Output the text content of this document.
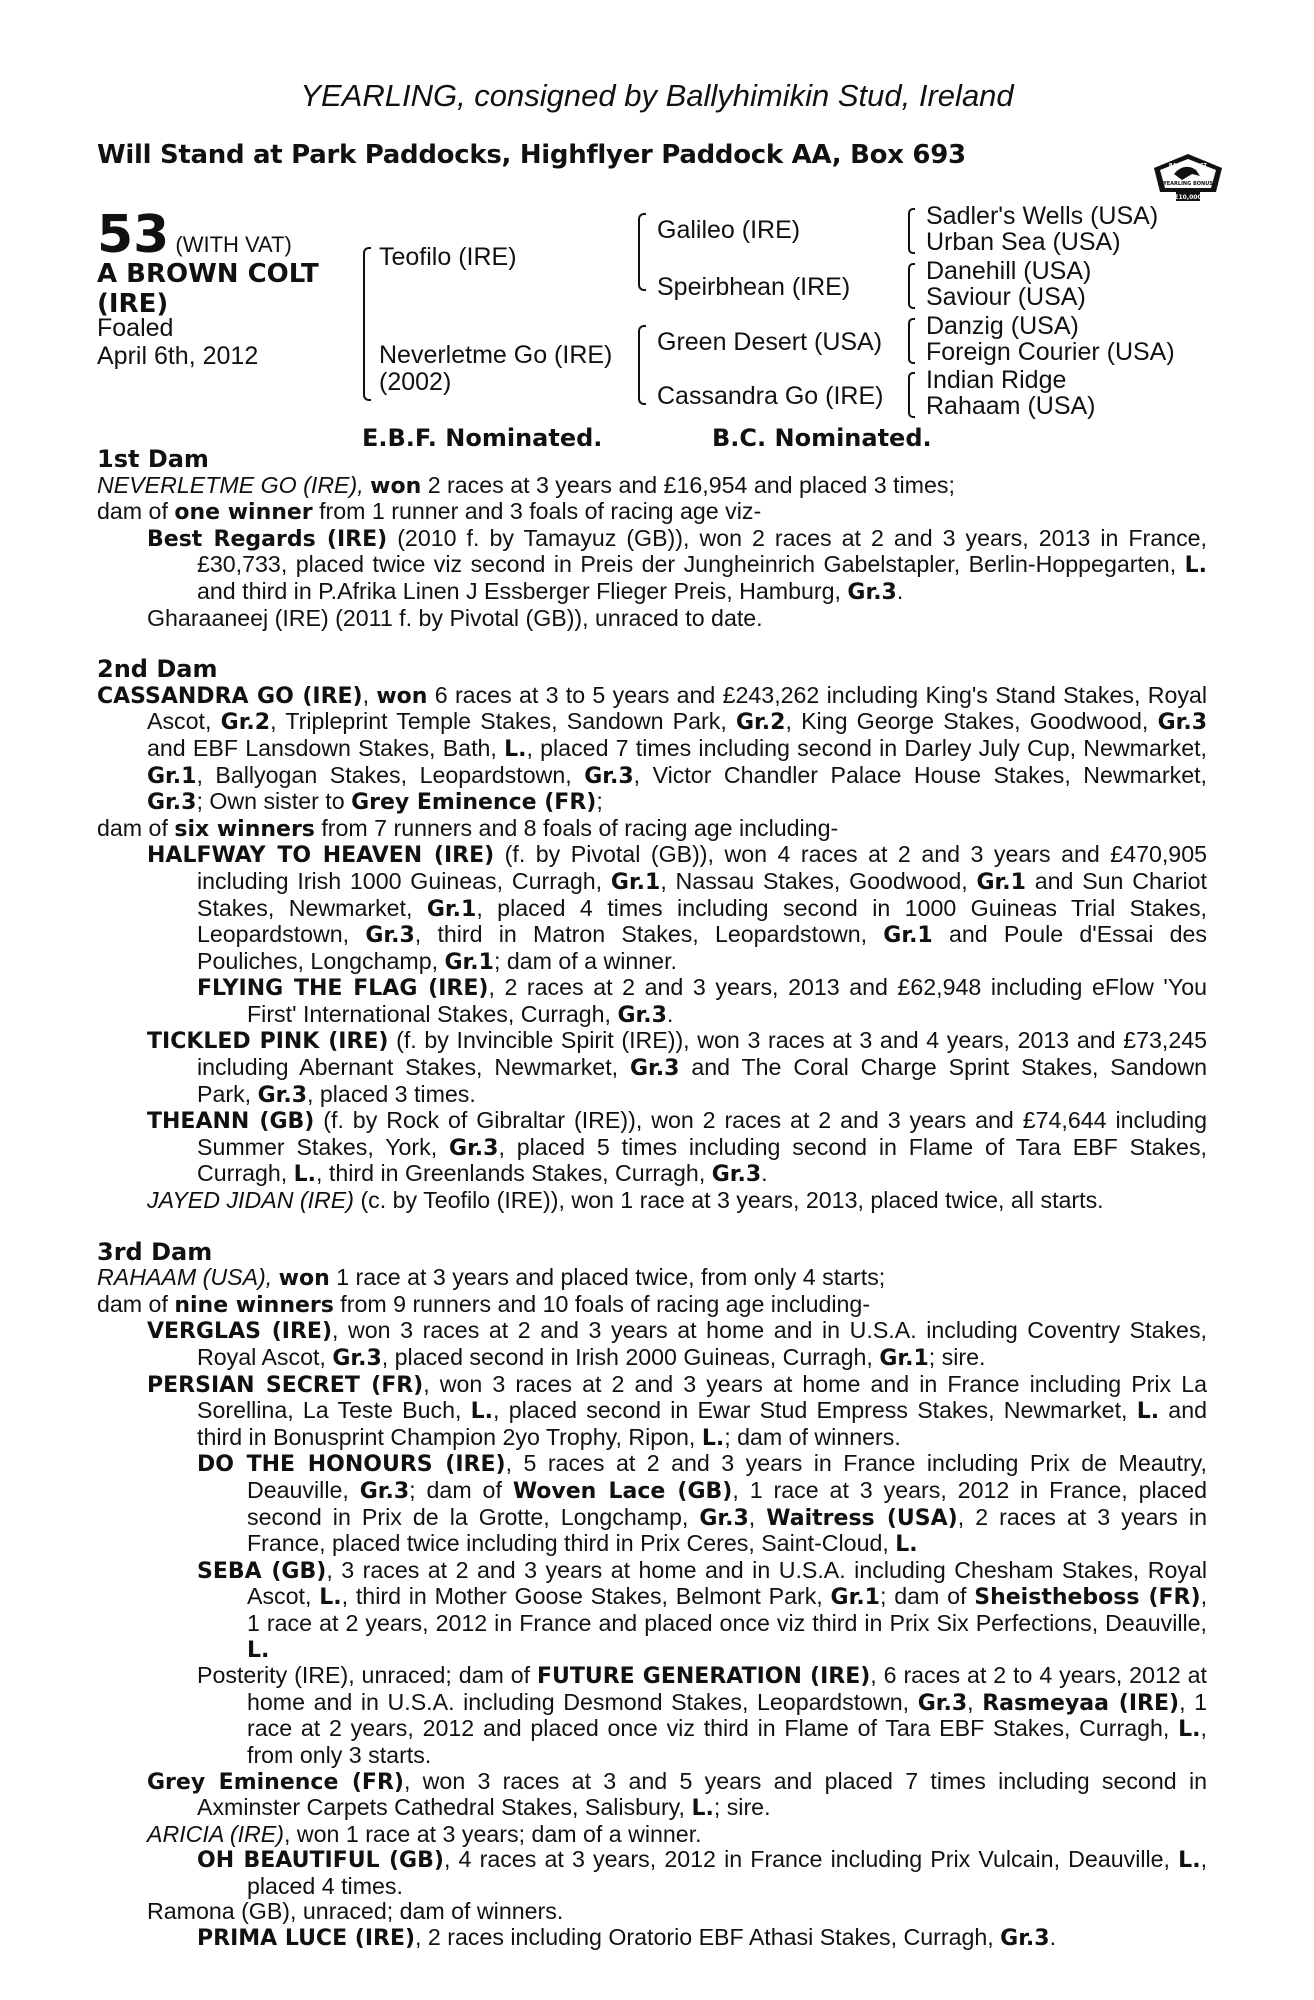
YEARLING, consigned by Ballyhimikin Stud, Ireland
Will Stand at Park Paddocks, Highflyer Paddock AA, Box 693	RACING POST
YEARLING BONUS
£10,000
53 (WITH VAT)
A BROWN COLT
(IRE)
Foaled
April 6th, 2012
Teofilo (IRE)
Neverletme Go (IRE)
(2002)
Galileo (IRE)
Speirbhean (IRE)
Green Desert (USA)
Cassandra Go (IRE)
Sadler's Wells (USA)
Urban Sea (USA)
Danehill (USA)
Saviour (USA)
Danzig (USA)
Foreign Courier (USA)
Indian Ridge
Rahaam (USA)
E.B.F. Nominated.	B.C. Nominated.

1st Dam

NEVERLETME GO (IRE), won 2 races at 3 years and £16,954 and placed 3 times;

dam of one winner from 1 runner and 3 foals of racing age viz-

Best Regards (IRE) (2010 f. by Tamayuz (GB)), won 2 races at 2 and 3 years, 2013 in France, £30,733, placed twice viz second in Preis der Jungheinrich Gabelstapler, Berlin-Hoppegarten, L. and third in P.Afrika Linen J Essberger Flieger Preis, Hamburg, Gr.3.

Gharaaneej (IRE) (2011 f. by Pivotal (GB)), unraced to date.

2nd Dam

CASSANDRA GO (IRE), won 6 races at 3 to 5 years and £243,262 including King's Stand Stakes, Royal Ascot, Gr.2, Tripleprint Temple Stakes, Sandown Park, Gr.2, King George Stakes, Goodwood, Gr.3 and EBF Lansdown Stakes, Bath, L., placed 7 times including second in Darley July Cup, Newmarket, Gr.1, Ballyogan Stakes, Leopardstown, Gr.3, Victor Chandler Palace House Stakes, Newmarket, Gr.3; Own sister to Grey Eminence (FR);

dam of six winners from 7 runners and 8 foals of racing age including-

HALFWAY TO HEAVEN (IRE) (f. by Pivotal (GB)), won 4 races at 2 and 3 years and £470,905 including Irish 1000 Guineas, Curragh, Gr.1, Nassau Stakes, Goodwood, Gr.1 and Sun Chariot Stakes, Newmarket, Gr.1, placed 4 times including second in 1000 Guineas Trial Stakes, Leopardstown, Gr.3, third in Matron Stakes, Leopardstown, Gr.1 and Poule d'Essai des Pouliches, Longchamp, Gr.1; dam of a winner.

FLYING THE FLAG (IRE), 2 races at 2 and 3 years, 2013 and £62,948 including eFlow 'You First' International Stakes, Curragh, Gr.3.

TICKLED PINK (IRE) (f. by Invincible Spirit (IRE)), won 3 races at 3 and 4 years, 2013 and £73,245 including Abernant Stakes, Newmarket, Gr.3 and The Coral Charge Sprint Stakes, Sandown Park, Gr.3, placed 3 times.

THEANN (GB) (f. by Rock of Gibraltar (IRE)), won 2 races at 2 and 3 years and £74,644 including Summer Stakes, York, Gr.3, placed 5 times including second in Flame of Tara EBF Stakes, Curragh, L., third in Greenlands Stakes, Curragh, Gr.3.

JAYED JIDAN (IRE) (c. by Teofilo (IRE)), won 1 race at 3 years, 2013, placed twice, all starts.

3rd Dam

RAHAAM (USA), won 1 race at 3 years and placed twice, from only 4 starts;

dam of nine winners from 9 runners and 10 foals of racing age including-

VERGLAS (IRE), won 3 races at 2 and 3 years at home and in U.S.A. including Coventry Stakes, Royal Ascot, Gr.3, placed second in Irish 2000 Guineas, Curragh, Gr.1; sire.

PERSIAN SECRET (FR), won 3 races at 2 and 3 years at home and in France including Prix La Sorellina, La Teste Buch, L., placed second in Ewar Stud Empress Stakes, Newmarket, L. and third in Bonusprint Champion 2yo Trophy, Ripon, L.; dam of winners.

DO THE HONOURS (IRE), 5 races at 2 and 3 years in France including Prix de Meautry, Deauville, Gr.3; dam of Woven Lace (GB), 1 race at 3 years, 2012 in France, placed second in Prix de la Grotte, Longchamp, Gr.3, Waitress (USA), 2 races at 3 years in France, placed twice including third in Prix Ceres, Saint-Cloud, L.

SEBA (GB), 3 races at 2 and 3 years at home and in U.S.A. including Chesham Stakes, Royal Ascot, L., third in Mother Goose Stakes, Belmont Park, Gr.1; dam of Sheistheboss (FR), 1 race at 2 years, 2012 in France and placed once viz third in Prix Six Perfections, Deauville, L.

Posterity (IRE), unraced; dam of FUTURE GENERATION (IRE), 6 races at 2 to 4 years, 2012 at home and in U.S.A. including Desmond Stakes, Leopardstown, Gr.3, Rasmeyaa (IRE), 1 race at 2 years, 2012 and placed once viz third in Flame of Tara EBF Stakes, Curragh, L., from only 3 starts.

Grey Eminence (FR), won 3 races at 3 and 5 years and placed 7 times including second in Axminster Carpets Cathedral Stakes, Salisbury, L.; sire.

ARICIA (IRE), won 1 race at 3 years; dam of a winner.

OH BEAUTIFUL (GB), 4 races at 3 years, 2012 in France including Prix Vulcain, Deauville, L., placed 4 times.

Ramona (GB), unraced; dam of winners.

PRIMA LUCE (IRE), 2 races including Oratorio EBF Athasi Stakes, Curragh, Gr.3.
